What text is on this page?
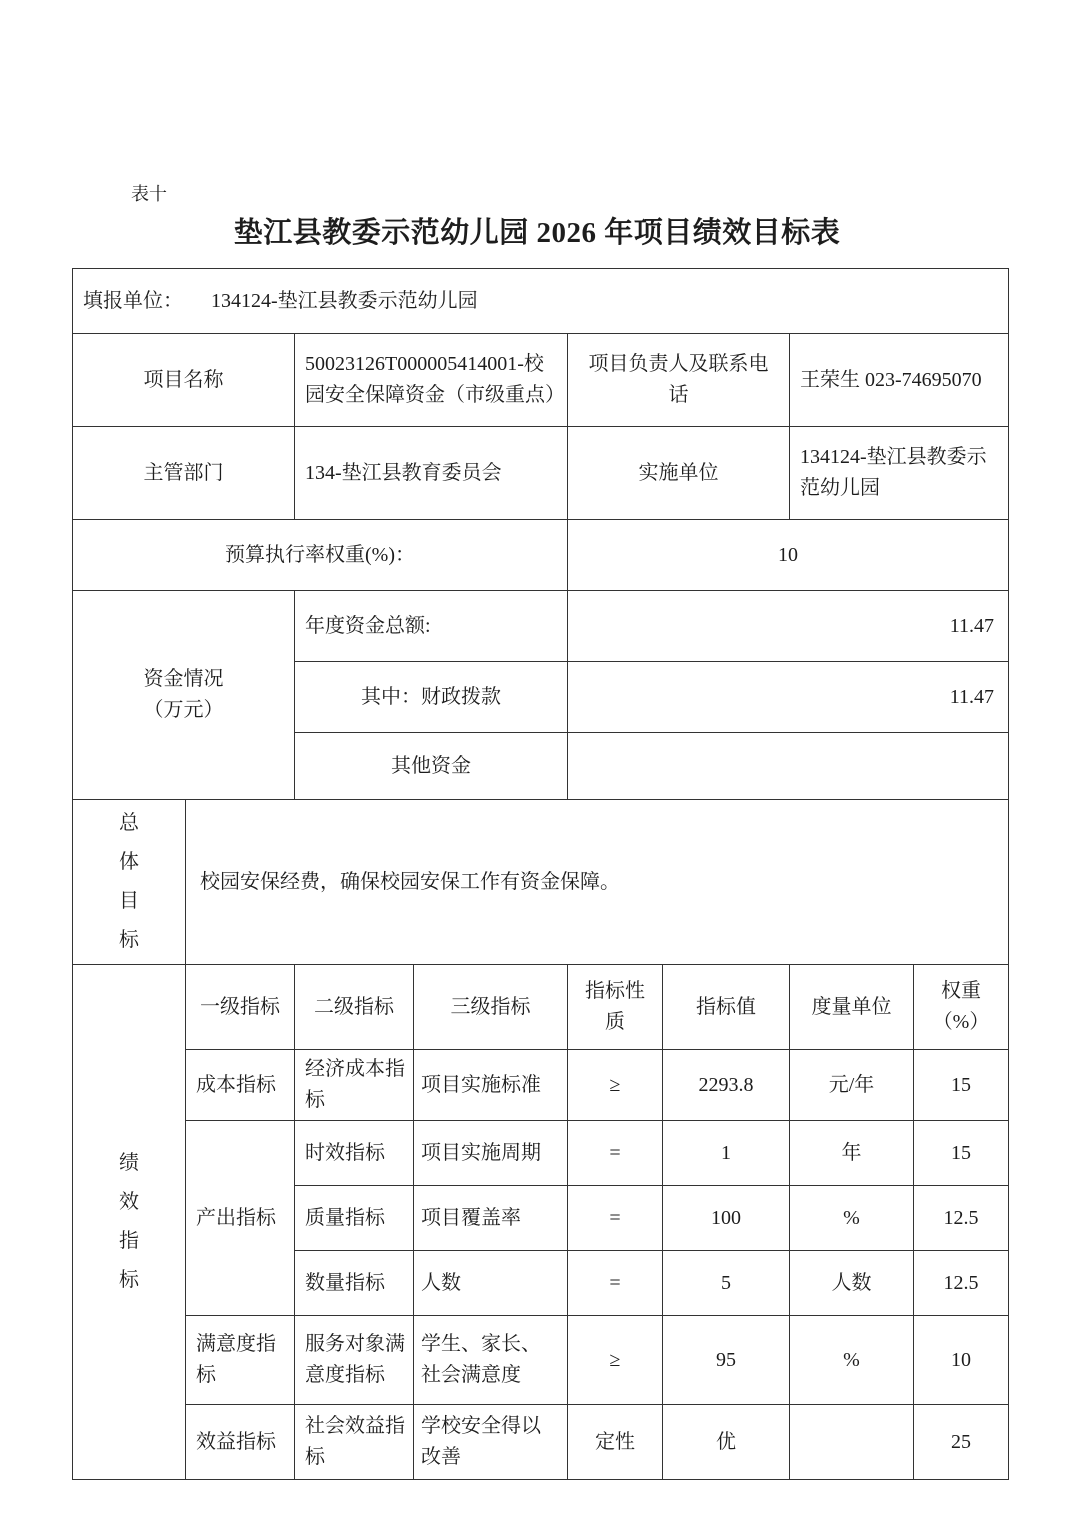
表十
垫江县教委示范幼儿园 2026 年项目绩效目标表
填报单位： 134124-垫江县教委示范幼儿园							
项目名称		50023126T000005414001-校园安全保障资金（市级重点）		项目负责人及联系电话		王荣生 023-74695070	
主管部门		134-垫江县教育委员会		实施单位		134124-垫江县教委示范幼儿园	
预算执行率权重(%)：				10			

资金情况
（万元）		年度资金总额:		11.47			
		其中：财政拨款		11.47			
		其他资金					

总
体
目
标	校园安保经费，确保校园安保工作有资金保障。						

绩
效
指
标	一级指标	二级指标	三级指标	指标性质	指标值	度量单位	权重（%）
	成本指标	经济成本指标	项目实施标准	≥	2293.8	元/年	15
	产出指标	时效指标	项目实施周期	=	1	年	15
		质量指标	项目覆盖率	=	100	%	12.5
		数量指标	人数	=	5	人数	12.5
	满意度指标	服务对象满意度指标	学生、家长、社会满意度	≥	95	%	10
	效益指标	社会效益指标	学校安全得以改善	定性	优		25
